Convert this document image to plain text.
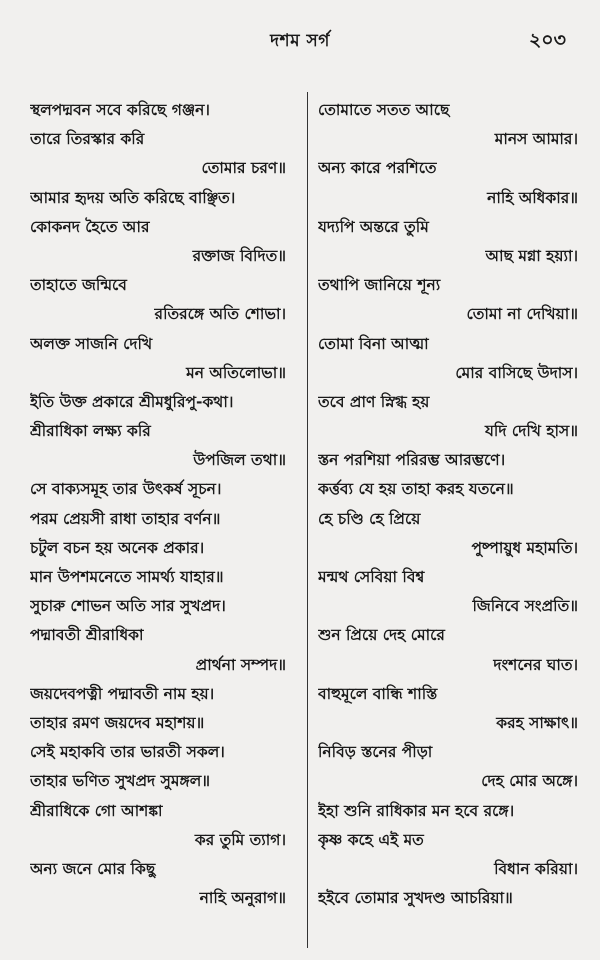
দশম সর্গ	২০৩
স্থলপদ্মবন সবে করিছে গঞ্জন।
তারে তিরস্কার করি
তোমার চরণ॥
আমার হৃদয় অতি করিছে বাঞ্ছিত।
কোকনদ হৈতে আর
রক্তাজ বিদিত॥
তাহাতে জন্মিবে
রতিরঙ্গে অতি শোভা।
অলক্ত সাজনি দেখি
মন অতিলোভা॥
ইতি উক্ত প্রকারে শ্রীমধুরিপু-কথা।
শ্রীরাধিকা লক্ষ্য করি
উপজিল তথা॥
সে বাক্যসমূহ তার উৎকর্ষ সূচন।
পরম প্রেয়সী রাধা তাহার বর্ণন॥
চটুল বচন হয় অনেক প্রকার।
মান উপশমনেতে সামর্থ্য যাহার॥
সুচারু শোভন অতি সার সুখপ্রদ।
পদ্মাবতী শ্রীরাধিকা
প্রার্থনা সম্পদ॥
জয়দেবপত্নী পদ্মাবতী নাম হয়।
তাহার রমণ জয়দেব মহাশয়॥
সেই মহাকবি তার ভারতী সকল।
তাহার ভণিত সুখপ্রদ সুমঙ্গল॥
শ্রীরাধিকে গো আশঙ্কা
কর তুমি ত্যাগ।
অন্য জনে মোর কিছু
নাহি অনুরাগ॥
তোমাতে সতত আছে
মানস আমার।
অন্য কারে পরশিতে
নাহি অধিকার॥
যদ্যপি অন্তরে তুমি
আছ মগ্না হয়্যা।
তথাপি জানিয়ে শূন্য
তোমা না দেখিয়া॥
তোমা বিনা আত্মা
মোর বাসিছে উদাস।
তবে প্রাণ স্নিগ্ধ হয়
যদি দেখি হাস॥
স্তন পরশিয়া পরিরম্ভ আরম্ভণে।
কর্ত্তব্য যে হয় তাহা করহ যতনে॥
হে চণ্ডি হে প্রিয়ে
পুষ্পায়ুধ মহামতি।
মন্মথ সেবিয়া বিশ্ব
জিনিবে সংপ্রতি॥
শুন প্রিয়ে দেহ মোরে
দংশনের ঘাত।
বাহুমূলে বান্ধি শাস্তি
করহ সাক্ষাৎ॥
নিবিড় স্তনের পীড়া
দেহ মোর অঙ্গে।
ইহা শুনি রাধিকার মন হবে রঙ্গে।
কৃষ্ণ কহে এই মত
বিধান করিয়া।
হইবে তোমার সুখদণ্ড আচরিয়া॥
